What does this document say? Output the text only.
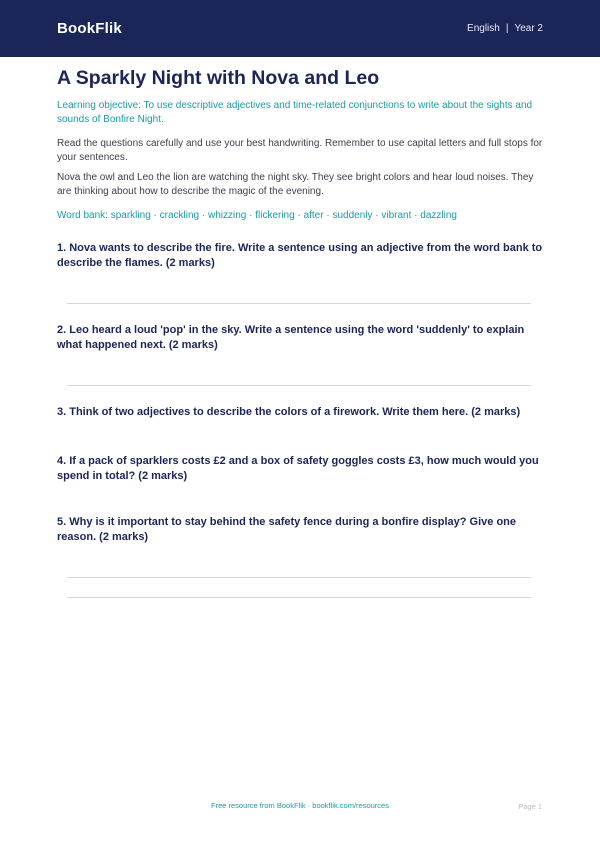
BookFlik	English | Year 2
A Sparkly Night with Nova and Leo

Learning objective: To use descriptive adjectives and time-related conjunctions to write about the sights and sounds of Bonfire Night.

Read the questions carefully and use your best handwriting. Remember to use capital letters and full stops for your sentences.

Nova the owl and Leo the lion are watching the night sky. They see bright colors and hear loud noises. They are thinking about how to describe the magic of the evening.

Word bank: sparkling · crackling · whizzing · flickering · after · suddenly · vibrant · dazzling

1. Nova wants to describe the fire. Write a sentence using an adjective from the word bank to describe the flames. (2 marks)

2. Leo heard a loud 'pop' in the sky. Write a sentence using the word 'suddenly' to explain what happened next. (2 marks)

3. Think of two adjectives to describe the colors of a firework. Write them here. (2 marks)

4. If a pack of sparklers costs £2 and a box of safety goggles costs £3, how much would you spend in total? (2 marks)

5. Why is it important to stay behind the safety fence during a bonfire display? Give one reason. (2 marks)

Free resource from BookFlik · bookflik.com/resources	Page 1
